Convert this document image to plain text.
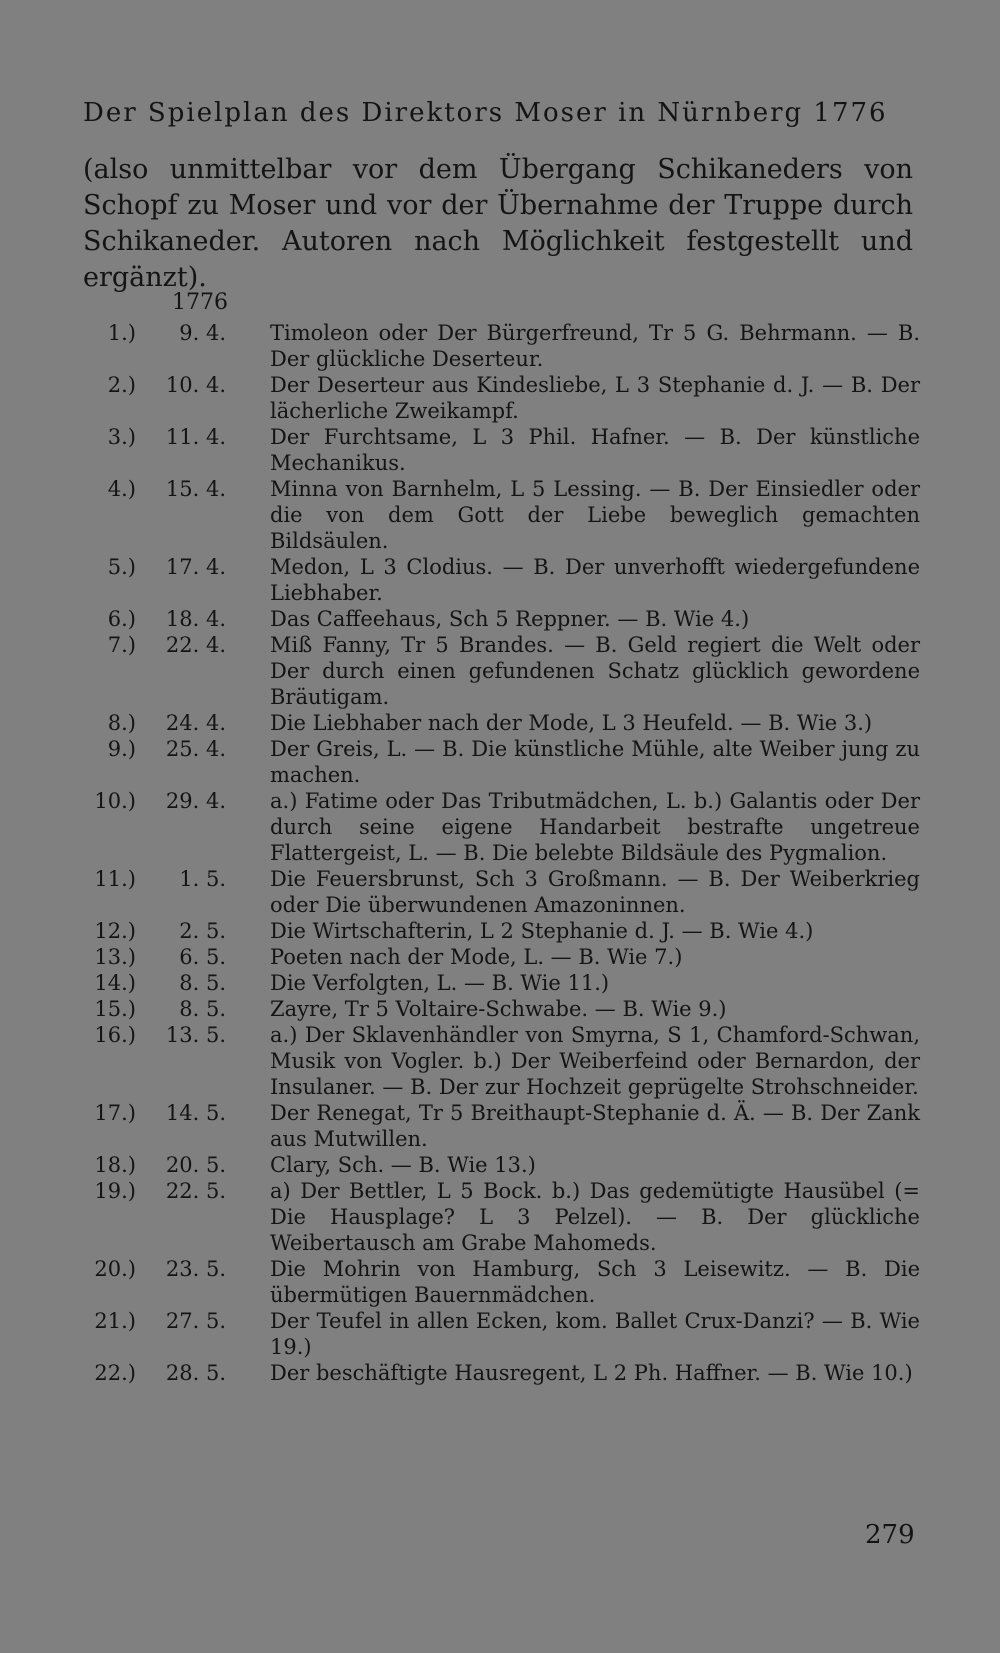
Der Spielplan des Direktors Moser in Nürnberg 1776
(also unmittelbar vor dem Übergang Schikaneders von Schopf zu Moser und vor der Übernahme der Truppe durch Schikaneder. Autoren nach Möglichkeit festgestellt und ergänzt).
1776
1.)	9. 4. Timoleon oder Der Bürgerfreund, Tr 5 G. Behrmann. — B. Der glückliche Deserteur.
2.)	10. 4. Der Deserteur aus Kindesliebe, L 3 Stephanie d. J. — B. Der lächerliche Zweikampf.
3.)	11. 4. Der Furchtsame, L 3 Phil. Hafner. — B. Der künstliche Mechanikus.
4.)	15. 4. Minna von Barnhelm, L 5 Lessing. — B. Der Einsiedler oder die von dem Gott der Liebe beweglich gemachten Bildsäulen.
5.)	17. 4. Medon, L 3 Clodius. — B. Der unverhofft wiedergefundene Liebhaber.
6.)	18. 4. Das Caffeehaus, Sch 5 Reppner. — B. Wie 4.)
7.)	22. 4. Miß Fanny, Tr 5 Brandes. — B. Geld regiert die Welt oder Der durch einen gefundenen Schatz glücklich gewordene Bräutigam.
8.)	24. 4. Die Liebhaber nach der Mode, L 3 Heufeld. — B. Wie 3.)
9.)	25. 4. Der Greis, L. — B. Die künstliche Mühle, alte Weiber jung zu machen.
10.)	29. 4. a.) Fatime oder Das Tributmädchen, L. b.) Galantis oder Der durch seine eigene Handarbeit bestrafte ungetreue Flattergeist, L. — B. Die belebte Bildsäule des Pygmalion.
11.)	1. 5. Die Feuersbrunst, Sch 3 Großmann. — B. Der Weiberkrieg oder Die überwundenen Amazoninnen.
12.)	2. 5. Die Wirtschafterin, L 2 Stephanie d. J. — B. Wie 4.)
13.)	6. 5. Poeten nach der Mode, L. — B. Wie 7.)
14.)	8. 5. Die Verfolgten, L. — B. Wie 11.)
15.)	8. 5. Zayre, Tr 5 Voltaire-Schwabe. — B. Wie 9.)
16.)	13. 5. a.) Der Sklavenhändler von Smyrna, S 1, Chamford-Schwan, Musik von Vogler. b.) Der Weiberfeind oder Bernardon, der Insulaner. — B. Der zur Hochzeit geprügelte Strohschneider.
17.)	14. 5. Der Renegat, Tr 5 Breithaupt-Stephanie d. Ä. — B. Der Zank aus Mutwillen.
18.)	20. 5. Clary, Sch. — B. Wie 13.)
19.)	22. 5. a) Der Bettler, L 5 Bock. b.) Das gedemütigte Hausübel (= Die Hausplage? L 3 Pelzel). — B. Der glückliche Weibertausch am Grabe Mahomeds.
20.)	23. 5. Die Mohrin von Hamburg, Sch 3 Leisewitz. — B. Die übermütigen Bauernmädchen.
21.)	27. 5. Der Teufel in allen Ecken, kom. Ballet Crux-Danzi? — B. Wie 19.)
22.)	28. 5. Der beschäftigte Hausregent, L 2 Ph. Haffner. — B. Wie 10.)
279
